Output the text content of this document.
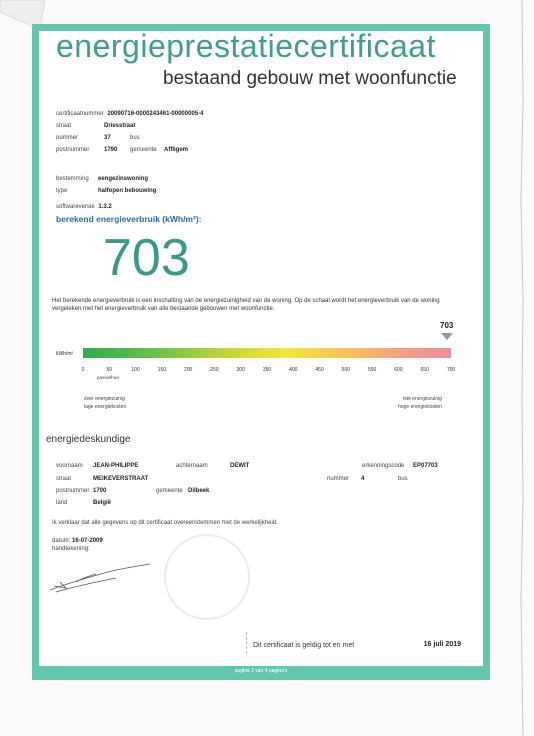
pagina 1 van 4 pagina's
energieprestatiecertificaat
bestaand gebouw met woonfunctie
certificaatnummer 20090716-0000243461-00000005-4
straat	Driesstraat
nummer	37	bus
postnummer 1790 gemeente Affligem
bestemming eengezinswoning
type	halfopen bebouwing
softwareversie 1.3.2
berekend energieverbruik (kWh/m²):
703
Het berekende energieverbruik is een inschatting van de energiezuinigheid van de woning. Op de schaal wordt het energieverbruik van de woning vergeleken met het energieverbruik van alle bestaande gebouwen met woonfunctie.
703
kWh/m²
0	50	100	150	200	250	300	350	400	450	500	550	600	650	700
passiefhuis
zeer energiezuinig
lage energiekosten
niet energiezuinig
hoge energiekosten
energiedeskundige
voornaam JEAN-PHILIPPE	achternaam	DEWIT	erkenningscode EP07703
straat	MEIKEVERSTRAAT	nummer 4	bus
postnummer 1700	gemeente Dilbeek
land	België
Ik verklaar dat alle gegevens op dit certificaat overeenstemmen met de werkelijkheid.
datum: 16-07-2009
handtekening:
Dit certificaat is geldig tot en met	16 juli 2019
